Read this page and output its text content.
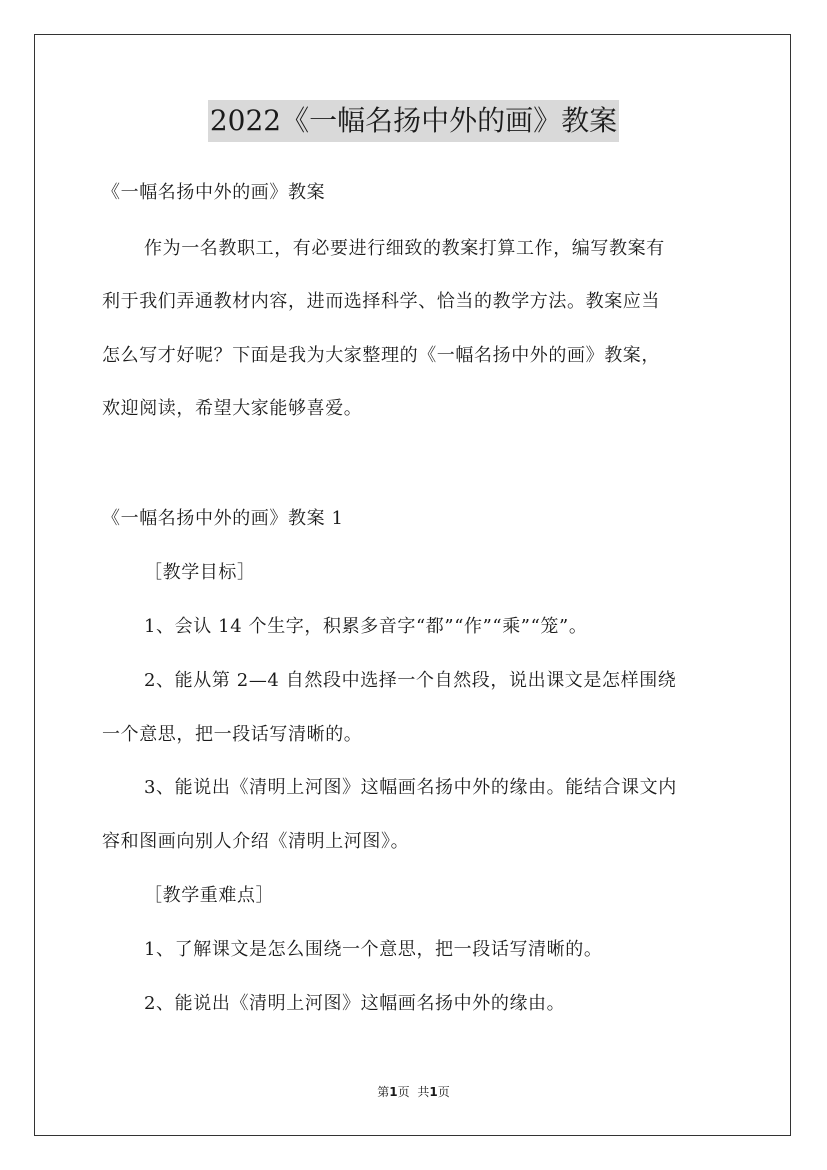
2022《一幅名扬中外的画》教案
《一幅名扬中外的画》教案
作为一名教职工，有必要进行细致的教案打算工作，编写教案有
利于我们弄通教材内容，进而选择科学、恰当的教学方法。教案应当
怎么写才好呢？下面是我为大家整理的《一幅名扬中外的画》教案，
欢迎阅读，希望大家能够喜爱。
《一幅名扬中外的画》教案 1
［教学目标］
1、会认 14 个生字，积累多音字“都”“作”“乘”“笼”。
2、能从第 2—4 自然段中选择一个自然段，说出课文是怎样围绕
一个意思，把一段话写清晰的。
3、能说出《清明上河图》这幅画名扬中外的缘由。能结合课文内
容和图画向别人介绍《清明上河图》。
［教学重难点］
1、了解课文是怎么围绕一个意思，把一段话写清晰的。
2、能说出《清明上河图》这幅画名扬中外的缘由。
第1页 共1页
